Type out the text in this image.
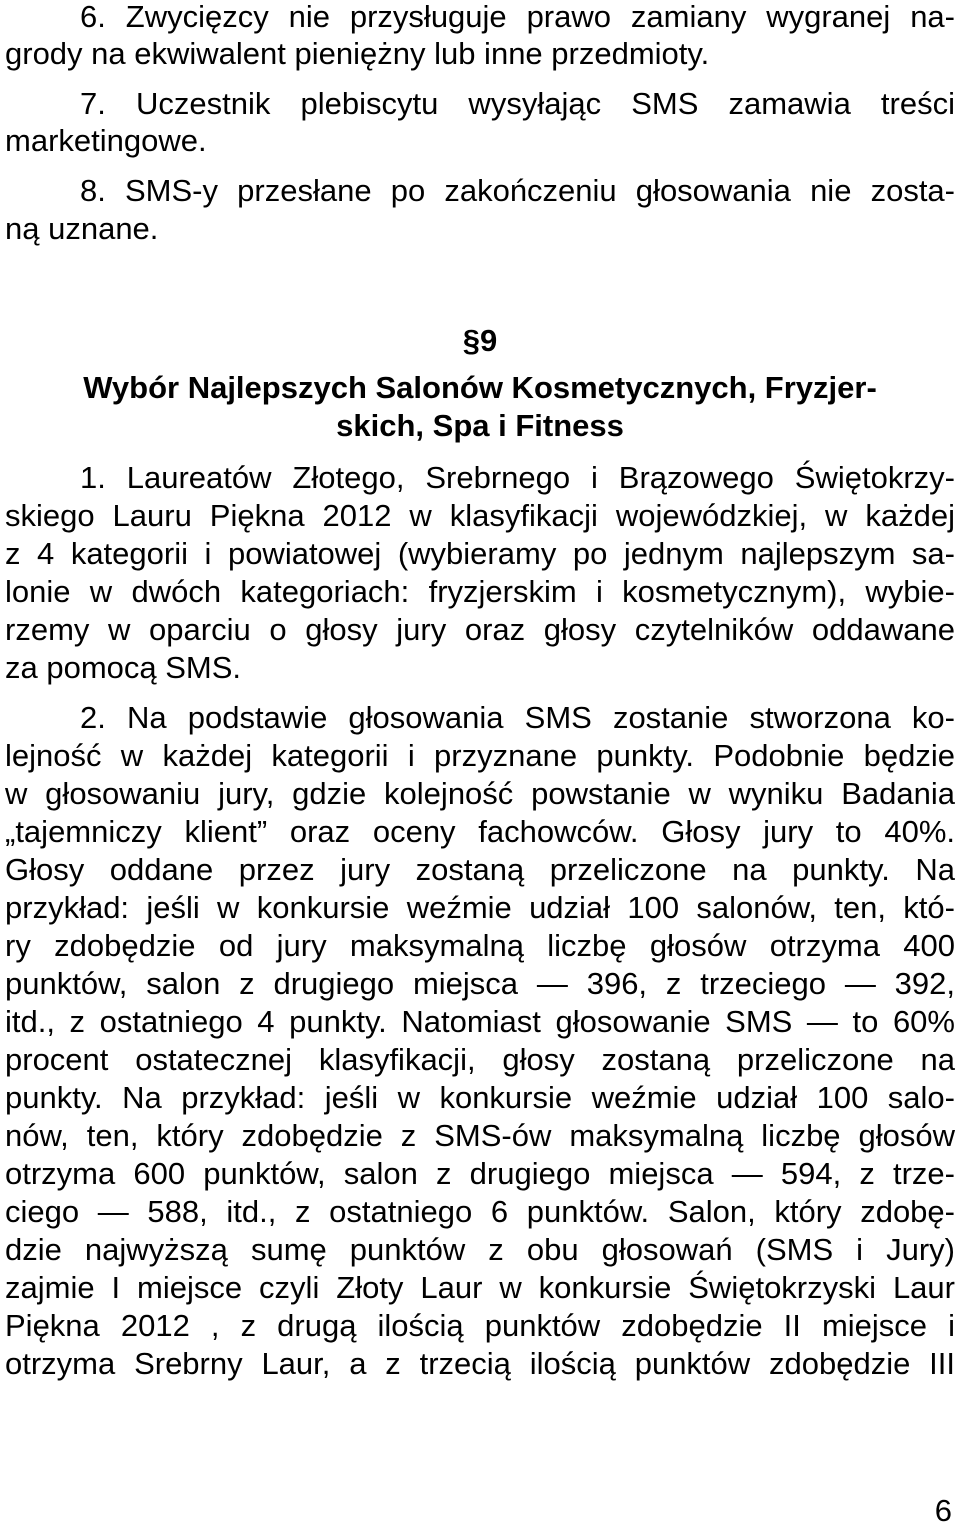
6. Zwycięzcy nie przysługuje prawo zamiany wygranej na-
grody na ekwiwalent pieniężny lub inne przedmioty.
7. Uczestnik plebiscytu wysyłając SMS zamawia treści
marketingowe.
8. SMS-y przesłane po zakończeniu głosowania nie zosta-
ną uznane.
§9
Wybór Najlepszych Salonów Kosmetycznych, Fryzjer-
skich, Spa i Fitness
1. Laureatów Złotego, Srebrnego i Brązowego Świętokrzy-
skiego Lauru Piękna 2012 w klasyfikacji wojewódzkiej, w każdej
z 4 kategorii i powiatowej (wybieramy po jednym najlepszym sa-
lonie w dwóch kategoriach: fryzjerskim i kosmetycznym), wybie-
rzemy w oparciu o głosy jury oraz głosy czytelników oddawane
za pomocą SMS.
2. Na podstawie głosowania SMS zostanie stworzona ko-
lejność w każdej kategorii i przyznane punkty. Podobnie będzie
w głosowaniu jury, gdzie kolejność powstanie w wyniku Badania
„tajemniczy klient” oraz oceny fachowców. Głosy jury to 40%.
Głosy oddane przez jury zostaną przeliczone na punkty. Na
przykład: jeśli w konkursie weźmie udział 100 salonów, ten, któ-
ry zdobędzie od jury maksymalną liczbę głosów otrzyma 400
punktów, salon z drugiego miejsca — 396, z trzeciego — 392,
itd., z ostatniego 4 punkty. Natomiast głosowanie SMS — to 60%
procent ostatecznej klasyfikacji, głosy zostaną przeliczone na
punkty. Na przykład: jeśli w konkursie weźmie udział 100 salo-
nów, ten, który zdobędzie z SMS-ów maksymalną liczbę głosów
otrzyma 600 punktów, salon z drugiego miejsca — 594, z trze-
ciego — 588, itd., z ostatniego 6 punktów. Salon, który zdobę-
dzie najwyższą sumę punktów z obu głosowań (SMS i Jury)
zajmie I miejsce czyli Złoty Laur w konkursie Świętokrzyski Laur
Piękna 2012 , z drugą ilością punktów zdobędzie II miejsce i
otrzyma Srebrny Laur, a z trzecią ilością punktów zdobędzie III
6
